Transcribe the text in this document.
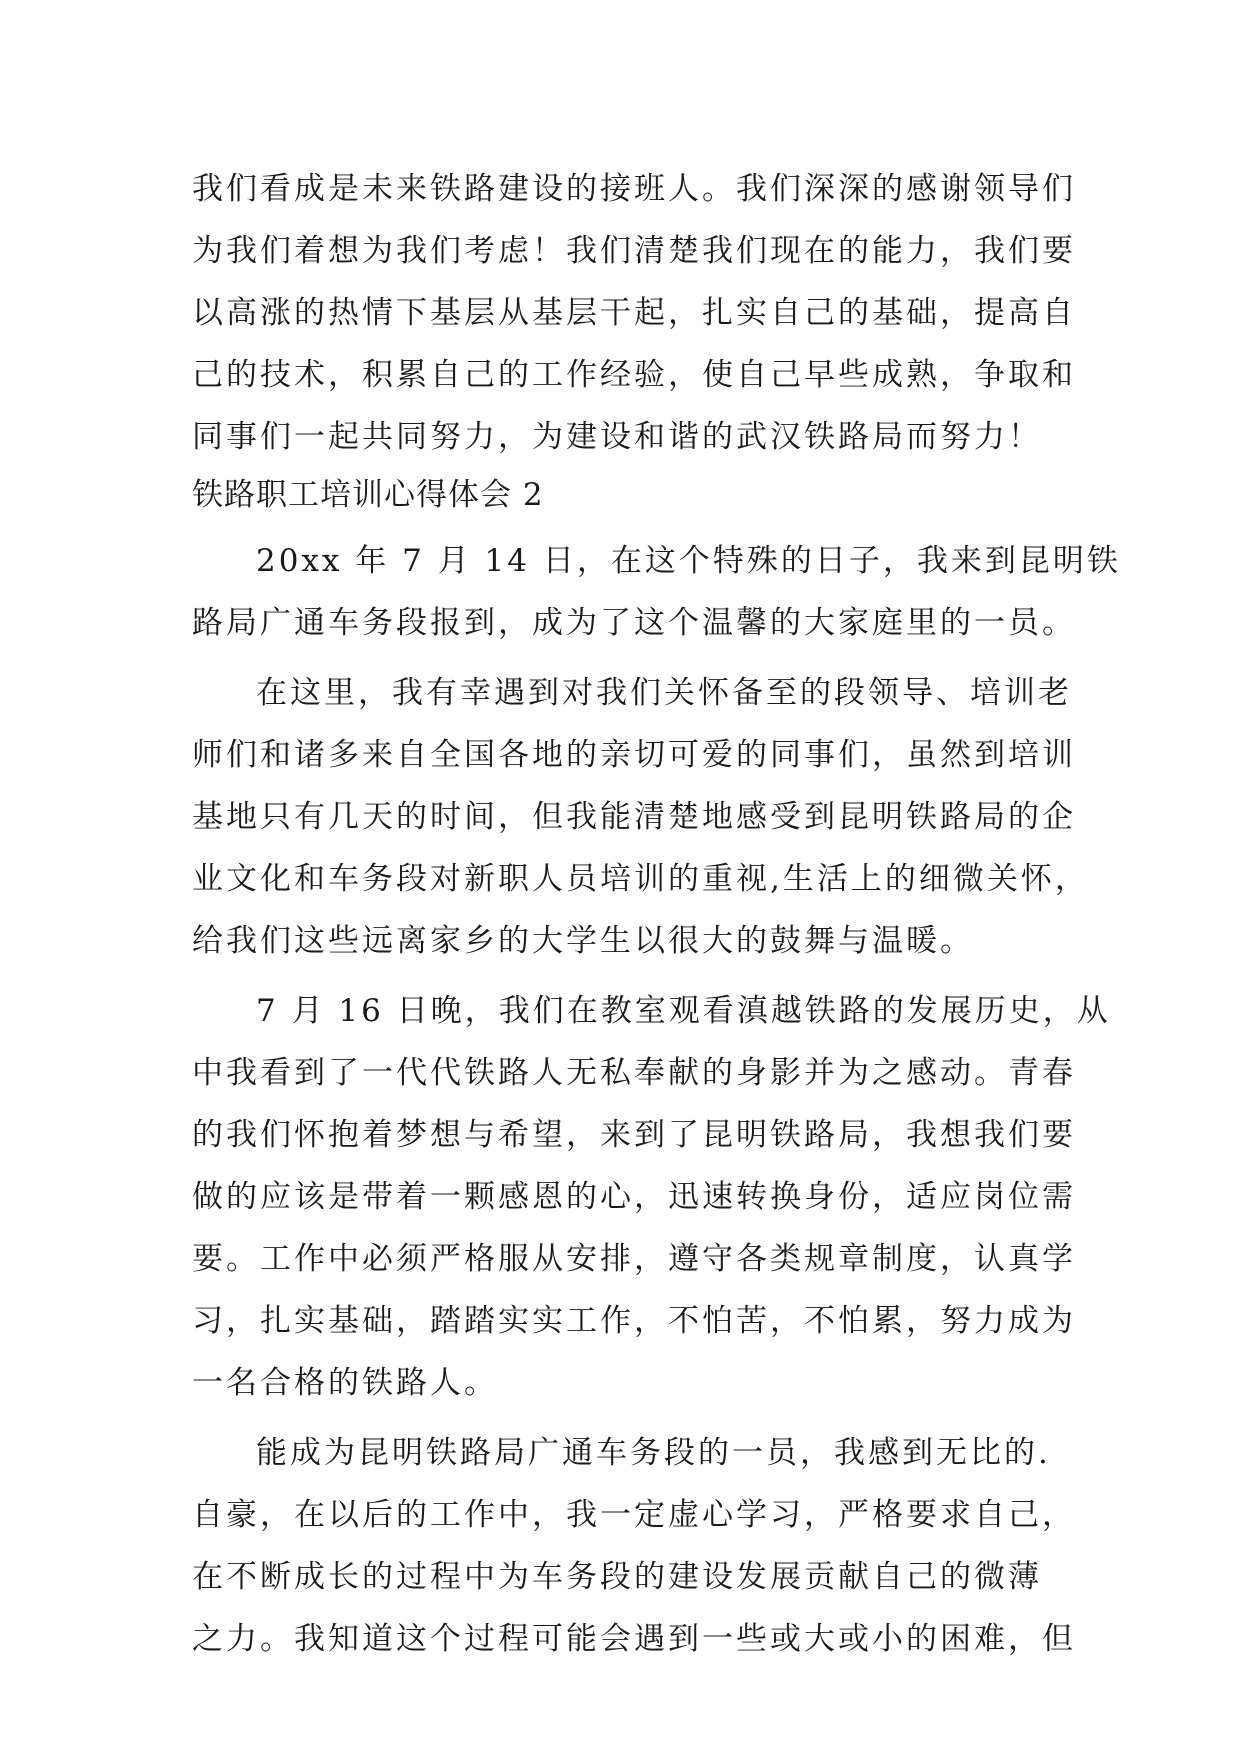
我们看成是未来铁路建设的接班人。我们深深的感谢领导们
为我们着想为我们考虑！我们清楚我们现在的能力，我们要
以高涨的热情下基层从基层干起，扎实自己的基础，提高自
己的技术，积累自己的工作经验，使自己早些成熟，争取和
同事们一起共同努力，为建设和谐的武汉铁路局而努力！
铁路职工培训心得体会 2
20xx 年 7 月 14 日，在这个特殊的日子，我来到昆明铁
路局广通车务段报到，成为了这个温馨的大家庭里的一员。
在这里，我有幸遇到对我们关怀备至的段领导、培训老
师们和诸多来自全国各地的亲切可爱的同事们，虽然到培训
基地只有几天的时间，但我能清楚地感受到昆明铁路局的企
业文化和车务段对新职人员培训的重视,生活上的细微关怀，
给我们这些远离家乡的大学生以很大的鼓舞与温暖。
7 月 16 日晚，我们在教室观看滇越铁路的发展历史，从
中我看到了一代代铁路人无私奉献的身影并为之感动。青春
的我们怀抱着梦想与希望，来到了昆明铁路局，我想我们要
做的应该是带着一颗感恩的心，迅速转换身份，适应岗位需
要。工作中必须严格服从安排，遵守各类规章制度，认真学
习，扎实基础，踏踏实实工作，不怕苦，不怕累，努力成为
一名合格的铁路人。
能成为昆明铁路局广通车务段的一员，我感到无比的.
自豪，在以后的工作中，我一定虚心学习，严格要求自己，
在不断成长的过程中为车务段的建设发展贡献自己的微薄
之力。我知道这个过程可能会遇到一些或大或小的困难，但
